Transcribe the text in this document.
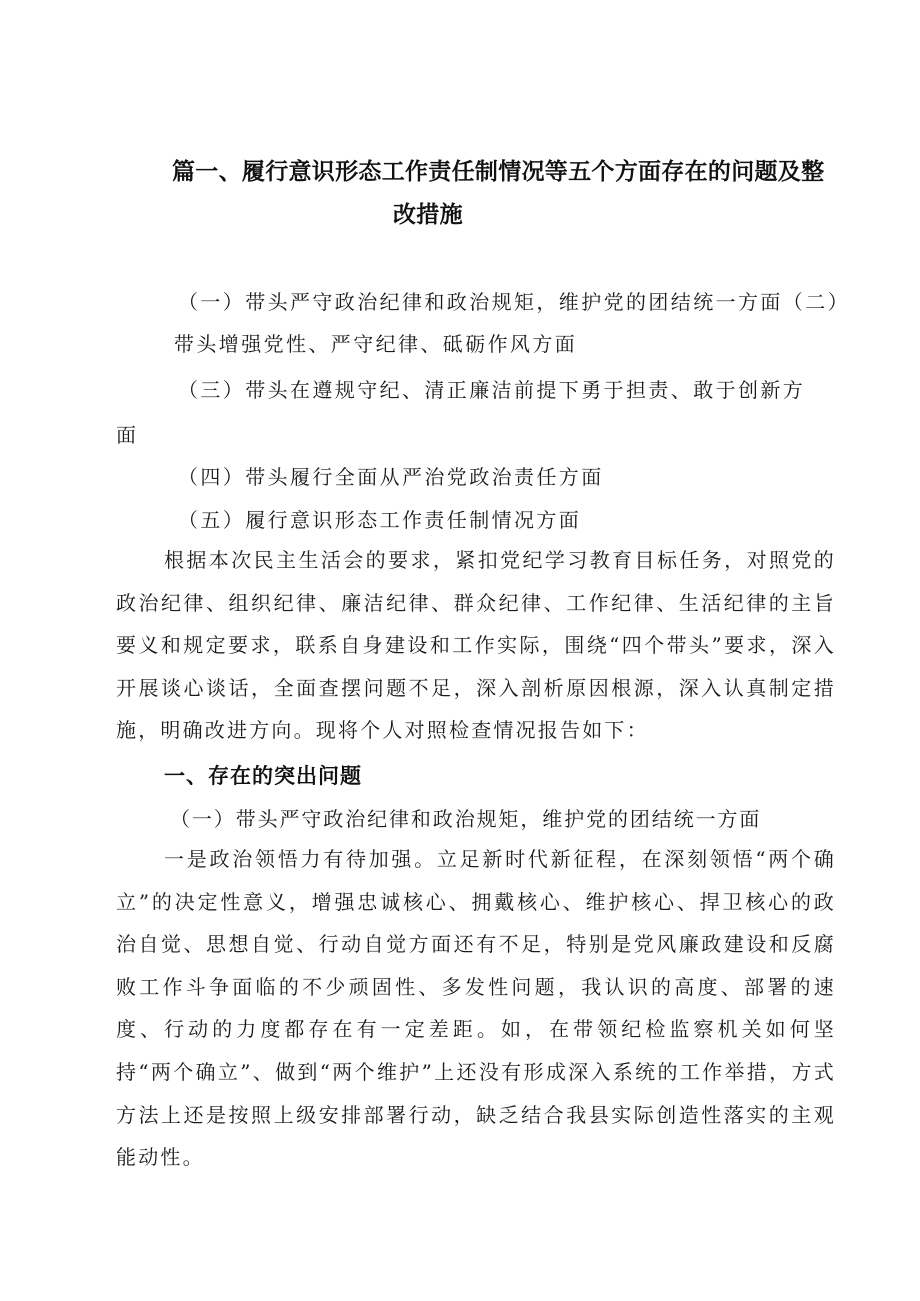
篇一、履行意识形态工作责任制情况等五个方面存在的问题及整
改措施
（一）带头严守政治纪律和政治规矩，维护党的团结统一方面（二）
带头增强党性、严守纪律、砥砺作风方面
（三）带头在遵规守纪、清正廉洁前提下勇于担责、敢于创新方
面
（四）带头履行全面从严治党政治责任方面
（五）履行意识形态工作责任制情况方面

根据本次民主生活会的要求，紧扣党纪学习教育目标任务，对照党的政治纪律、组织纪律、廉洁纪律、群众纪律、工作纪律、生活纪律的主旨要义和规定要求，联系自身建设和工作实际，围绕“四个带头”要求，深入开展谈心谈话，全面查摆问题不足，深入剖析原因根源，深入认真制定措施，明确改进方向。现将个人对照检查情况报告如下：

一、存在的突出问题
（一）带头严守政治纪律和政治规矩，维护党的团结统一方面

一是政治领悟力有待加强。立足新时代新征程，在深刻领悟“两个确立”的决定性意义，增强忠诚核心、拥戴核心、维护核心、捍卫核心的政治自觉、思想自觉、行动自觉方面还有不足，特别是党风廉政建设和反腐败工作斗争面临的不少顽固性、多发性问题，我认识的高度、部署的速度、行动的力度都存在有一定差距。如，在带领纪检监察机关如何坚持“两个确立”、做到“两个维护”上还没有形成深入系统的工作举措，方式方法上还是按照上级安排部署行动，缺乏结合我县实际创造性落实的主观能动性。
